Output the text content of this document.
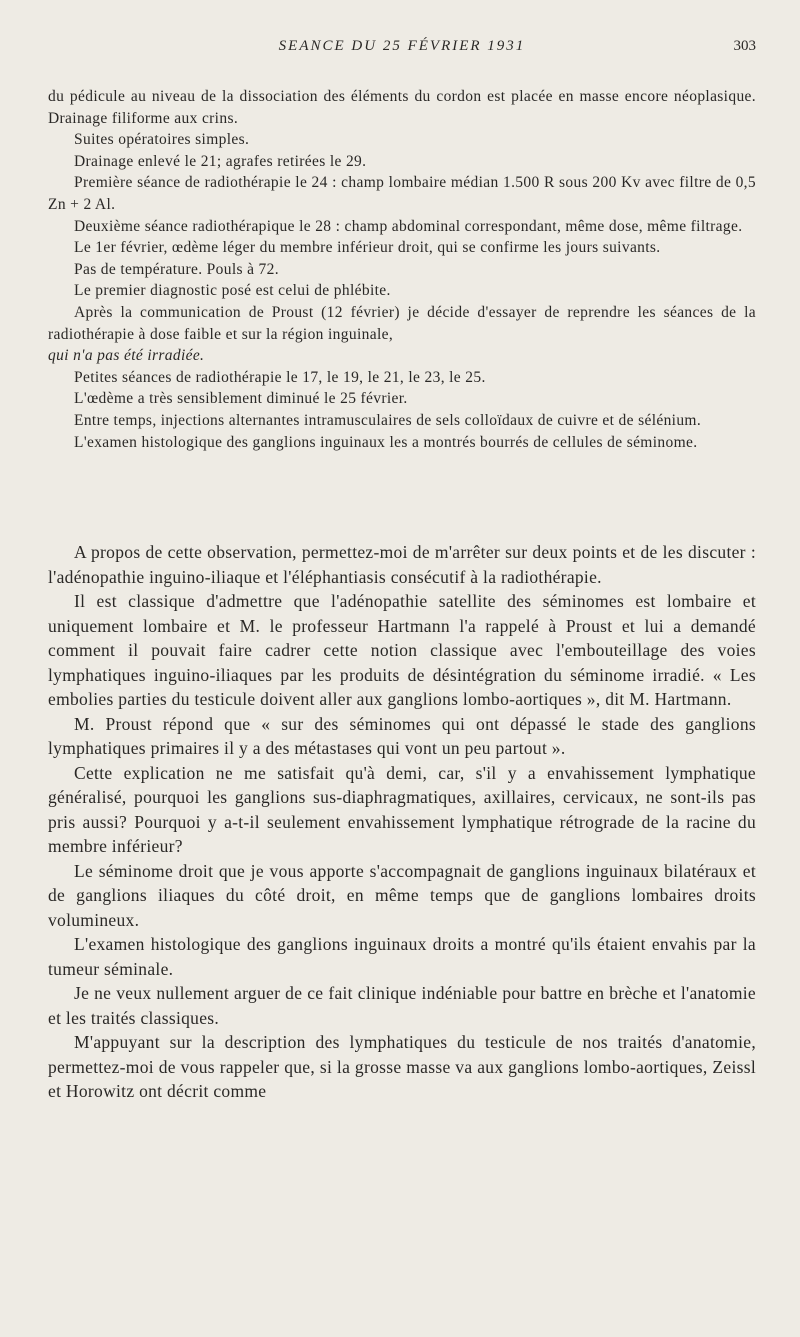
SEANCE DU 25 FÉVRIER 1931	303

du pédicule au niveau de la dissociation des éléments du cordon est placée en masse encore néoplasique. Drainage filiforme aux crins.

Suites opératoires simples.

Drainage enlevé le 21; agrafes retirées le 29.

Première séance de radiothérapie le 24 : champ lombaire médian 1.500 R sous 200 Kv avec filtre de 0,5 Zn + 2 Al.

Deuxième séance radiothérapique le 28 : champ abdominal correspondant, même dose, même filtrage.

Le 1er février, œdème léger du membre inférieur droit, qui se confirme les jours suivants.

Pas de température. Pouls à 72.

Le premier diagnostic posé est celui de phlébite.

Après la communication de Proust (12 février) je décide d'essayer de reprendre les séances de la radiothérapie à dose faible et sur la région inguinale,

qui n'a pas été irradiée.

Petites séances de radiothérapie le 17, le 19, le 21, le 23, le 25.

L'œdème a très sensiblement diminué le 25 février.

Entre temps, injections alternantes intramusculaires de sels colloïdaux de cuivre et de sélénium.

L'examen histologique des ganglions inguinaux les a montrés bourrés de cellules de séminome.

A propos de cette observation, permettez-moi de m'arrêter sur deux points et de les discuter : l'adénopathie inguino-iliaque et l'éléphantiasis consécutif à la radiothérapie.

Il est classique d'admettre que l'adénopathie satellite des séminomes est lombaire et uniquement lombaire et M. le professeur Hartmann l'a rappelé à Proust et lui a demandé comment il pouvait faire cadrer cette notion classique avec l'embouteillage des voies lymphatiques inguino-iliaques par les produits de désintégration du séminome irradié. « Les embolies parties du testicule doivent aller aux ganglions lombo-aortiques », dit M. Hartmann.

M. Proust répond que « sur des séminomes qui ont dépassé le stade des ganglions lymphatiques primaires il y a des métastases qui vont un peu partout ».

Cette explication ne me satisfait qu'à demi, car, s'il y a envahissement lymphatique généralisé, pourquoi les ganglions sus-diaphragmatiques, axillaires, cervicaux, ne sont-ils pas pris aussi? Pourquoi y a-t-il seulement envahissement lymphatique rétrograde de la racine du membre inférieur?

Le séminome droit que je vous apporte s'accompagnait de ganglions inguinaux bilatéraux et de ganglions iliaques du côté droit, en même temps que de ganglions lombaires droits volumineux.

L'examen histologique des ganglions inguinaux droits a montré qu'ils étaient envahis par la tumeur séminale.

Je ne veux nullement arguer de ce fait clinique indéniable pour battre en brèche et l'anatomie et les traités classiques.

M'appuyant sur la description des lymphatiques du testicule de nos traités d'anatomie, permettez-moi de vous rappeler que, si la grosse masse va aux ganglions lombo-aortiques, Zeissl et Horowitz ont décrit comme
